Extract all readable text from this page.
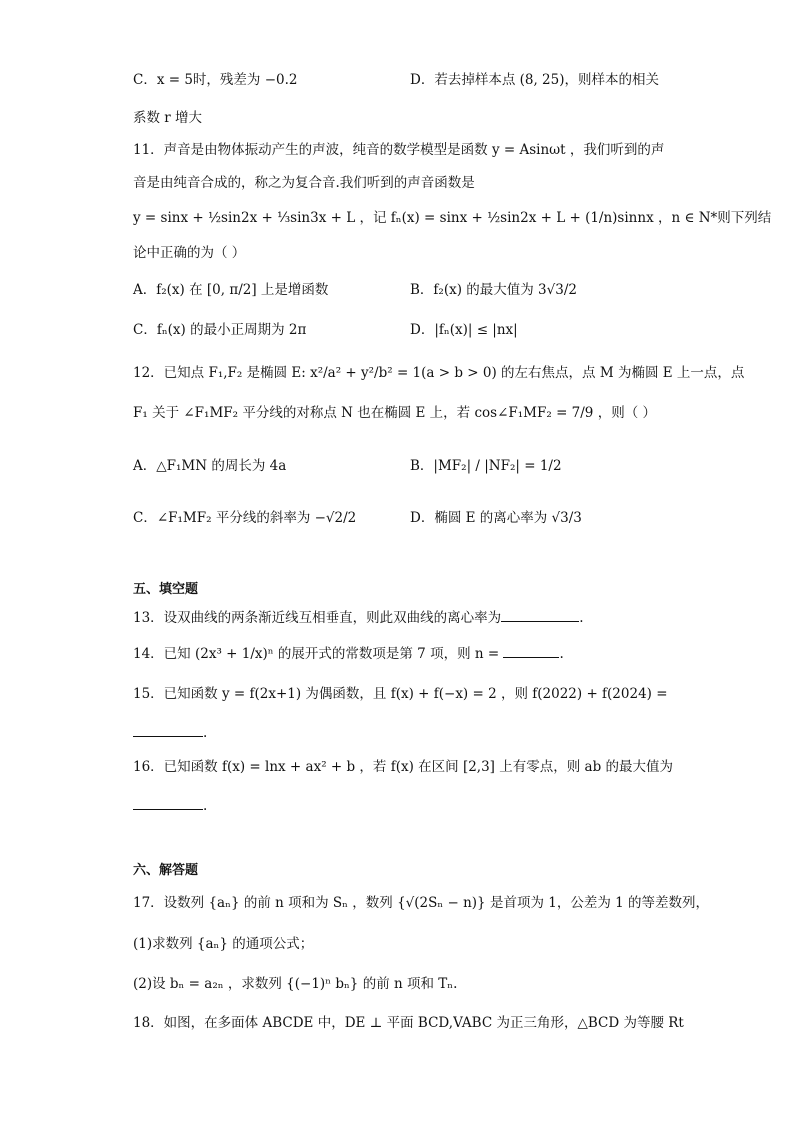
C．x = 5时，残差为 −0.2	D．若去掉样本点 (8, 25)，则样本的相关
系数 r 增大
11．声音是由物体振动产生的声波，纯音的数学模型是函数 y = Asinωt ，我们听到的声
音是由纯音合成的，称之为复合音.我们听到的声音函数是
y = sinx + ½sin2x + ⅓sin3x + L ，记 fₙ(x) = sinx + ½sin2x + L + (1/n)sinnx ，n ∈ N*则下列结
论中正确的为（ ）
A．f₂(x) 在 [0, π/2] 上是增函数	B．f₂(x) 的最大值为 3√3/2
C．fₙ(x) 的最小正周期为 2π	D．|fₙ(x)| ≤ |nx|
12．已知点 F₁,F₂ 是椭圆 E: x²/a² + y²/b² = 1(a > b > 0) 的左右焦点，点 M 为椭圆 E 上一点，点
F₁ 关于 ∠F₁MF₂ 平分线的对称点 N 也在椭圆 E 上，若 cos∠F₁MF₂ = 7/9 ，则（ ）
A．△F₁MN 的周长为 4a	B．|MF₂| / |NF₂| = 1/2
C．∠F₁MF₂ 平分线的斜率为 −√2/2	D．椭圆 E 的离心率为 √3/3
五、填空题
13．设双曲线的两条渐近线互相垂直，则此双曲线的离心率为	.
14．已知 (2x³ + 1/x)ⁿ 的展开式的常数项是第 7 项，则 n =	.
15．已知函数 y = f(2x+1) 为偶函数，且 f(x) + f(−x) = 2 ，则 f(2022) + f(2024) =
.
16．已知函数 f(x) = lnx + ax² + b ，若 f(x) 在区间 [2,3] 上有零点，则 ab 的最大值为
.
六、解答题
17．设数列 {aₙ} 的前 n 项和为 Sₙ ，数列 {√(2Sₙ − n)} 是首项为 1，公差为 1 的等差数列，
(1)求数列 {aₙ} 的通项公式；
(2)设 bₙ = a₂ₙ ，求数列 {(−1)ⁿ bₙ} 的前 n 项和 Tₙ.
18．如图，在多面体 ABCDE 中，DE ⊥ 平面 BCD,VABC 为正三角形，△BCD 为等腰 Rt
